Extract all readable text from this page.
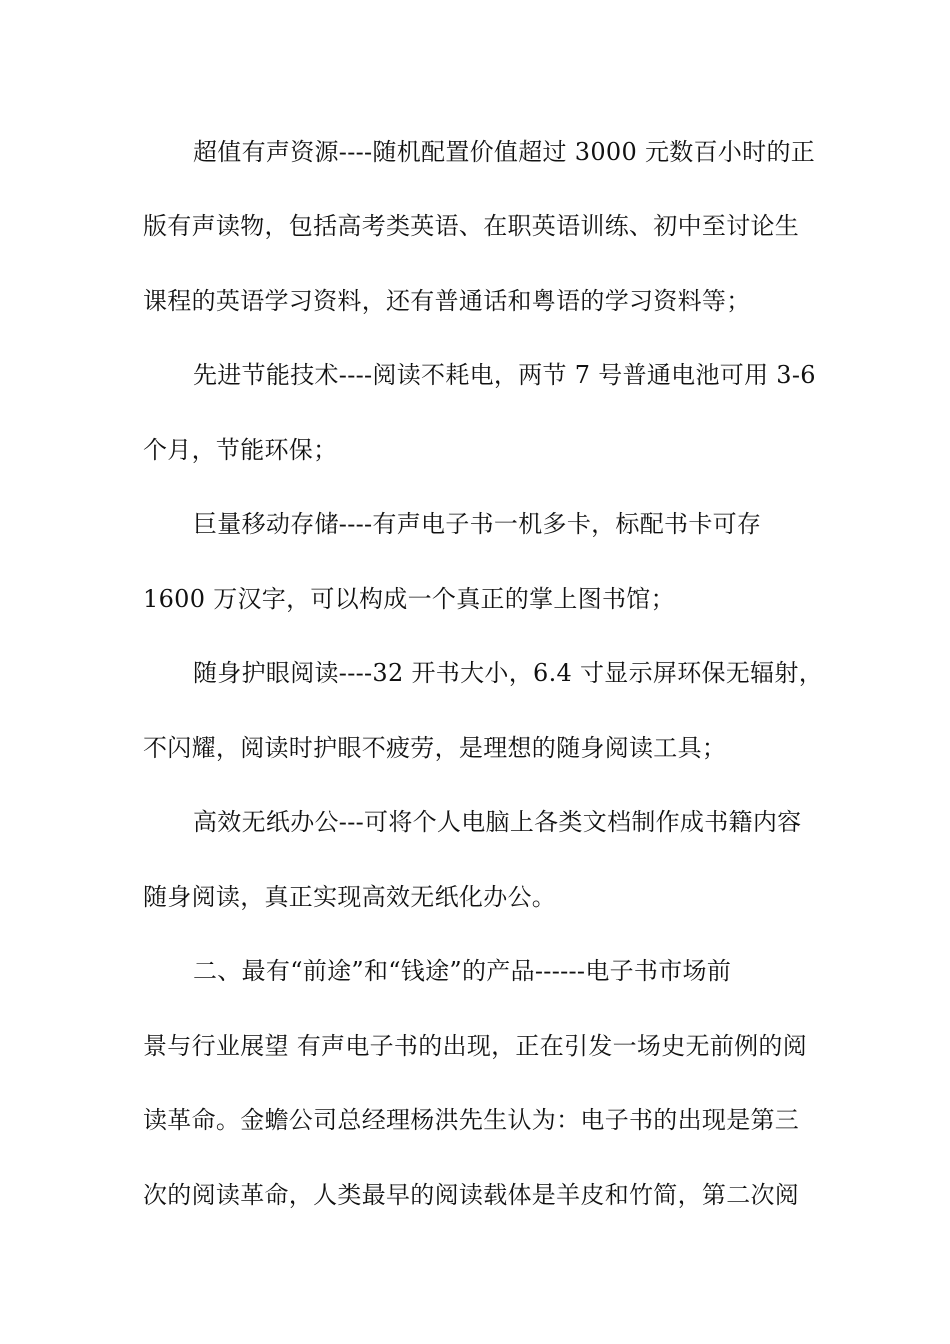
超值有声资源----随机配置价值超过 3000 元数百小时的正
版有声读物，包括高考类英语、在职英语训练、初中至讨论生
课程的英语学习资料，还有普通话和粤语的学习资料等；
先进节能技术----阅读不耗电，两节 7 号普通电池可用 3-6
个月，节能环保；
巨量移动存储----有声电子书一机多卡，标配书卡可存
1600 万汉字，可以构成一个真正的掌上图书馆；
随身护眼阅读----32 开书大小，6.4 寸显示屏环保无辐射，
不闪耀，阅读时护眼不疲劳，是理想的随身阅读工具；
高效无纸办公---可将个人电脑上各类文档制作成书籍内容
随身阅读，真正实现高效无纸化办公。
二、最有“前途”和“钱途”的产品------电子书市场前
景与行业展望 有声电子书的出现，正在引发一场史无前例的阅
读革命。金蟾公司总经理杨洪先生认为：电子书的出现是第三
次的阅读革命，人类最早的阅读载体是羊皮和竹简，第二次阅
